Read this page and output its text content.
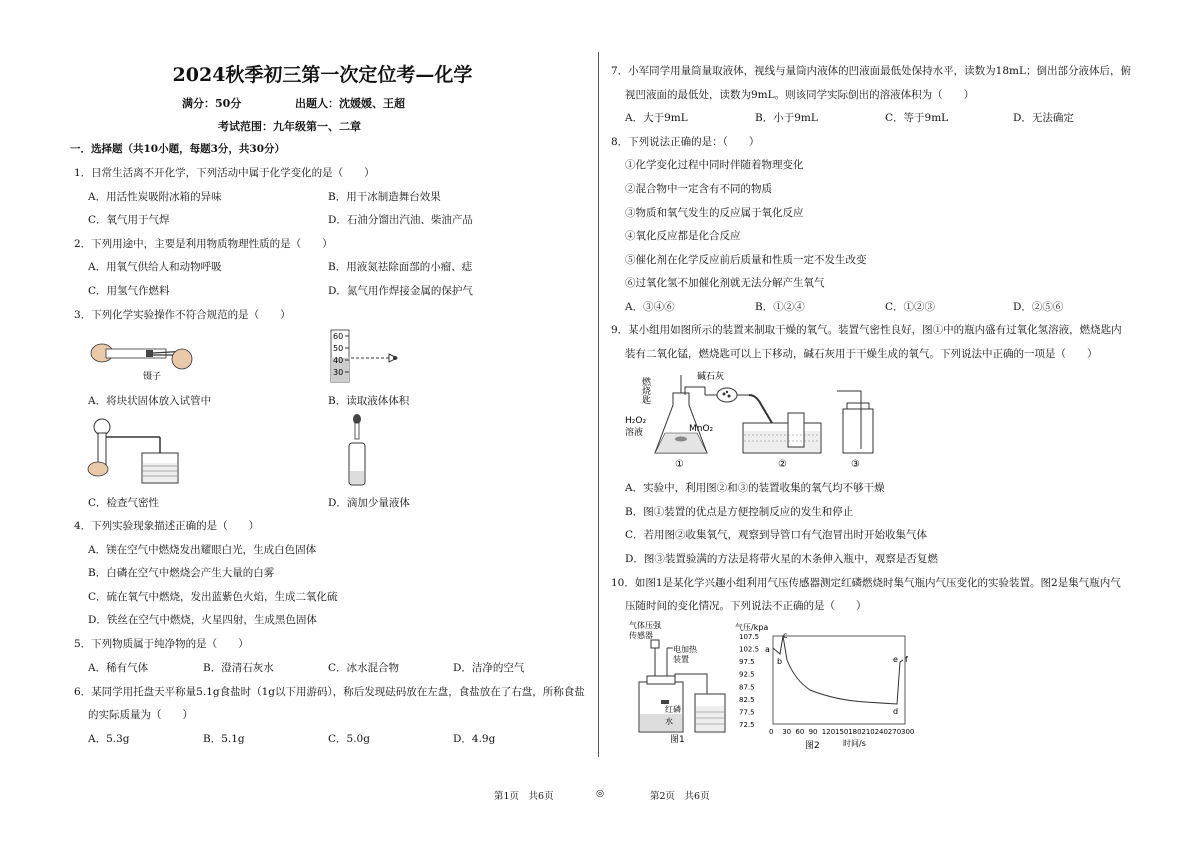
2024秋季初三第一次定位考—化学
满分：50分	出题人：沈媛媛、王超
考试范围：九年级第一、二章
一．选择题（共10小题，每题3分，共30分）
1．日常生活离不开化学，下列活动中属于化学变化的是（　　）
A．用活性炭吸附冰箱的异味	B．用干冰制造舞台效果
C．氧气用于气焊	D．石油分馏出汽油、柴油产品
2．下列用途中，主要是利用物质物理性质的是（　　）
A．用氧气供给人和动物呼吸	B．用液氮祛除面部的小瘤、痣
C．用氢气作燃料	D．氮气用作焊接金属的保护气
3．下列化学实验操作不符合规范的是（　　）
镊子
60
50
40
30
A．将块状固体放入试管中	B．读取液体体积
C．检查气密性	D．滴加少量液体
4．下列实验现象描述正确的是（　　）
A．镁在空气中燃烧发出耀眼白光，生成白色固体
B．白磷在空气中燃烧会产生大量的白雾
C．硫在氧气中燃烧，发出蓝紫色火焰，生成二氧化硫
D．铁丝在空气中燃烧，火星四射，生成黑色固体
5．下列物质属于纯净物的是（　　）
A．稀有气体	B．澄清石灰水	C．冰水混合物	D．洁净的空气
6．某同学用托盘天平称量5.1g食盐时（1g以下用游码），称后发现砝码放在左盘，食盐放在了右盘，所称食盐
的实际质量为（　　）
A．5.3g	B．5.1g	C．5.0g	D．4.9g
7．小军同学用量筒量取液体，视线与量筒内液体的凹液面最低处保持水平，读数为18mL；倒出部分液体后，俯
视凹液面的最低处，读数为9mL。则该同学实际倒出的溶液体积为（　　）
A．大于9mL	B．小于9mL	C．等于9mL	D．无法确定
8．下列说法正确的是：（　　）
①化学变化过程中同时伴随着物理变化
②混合物中一定含有不同的物质
③物质和氧气发生的反应属于氧化反应
④氧化反应都是化合反应
⑤催化剂在化学反应前后质量和性质一定不发生改变
⑥过氧化氢不加催化剂就无法分解产生氧气
A．③④⑥	B．①②④	C．①②③	D．②⑤⑥
9．某小组用如图所示的装置来制取干燥的氧气。装置气密性良好，图①中的瓶内盛有过氧化氢溶液，燃烧匙内
装有二氧化锰，燃烧匙可以上下移动，碱石灰用于干燥生成的氧气。下列说法中正确的一项是（　　）
燃烧匙
H₂O₂
溶液	MnO₂
①
碱石灰
②	③
A．实验中，利用图②和③的装置收集的氧气均不够干燥
B．图①装置的优点是方便控制反应的发生和停止
C．若用图②收集氧气，观察到导管口有气泡冒出时开始收集气体
D．图③装置验满的方法是将带火星的木条伸入瓶中，观察是否复燃
10．如图1是某化学兴趣小组利用气压传感器测定红磷燃烧时集气瓶内气压变化的实验装置。图2是集气瓶内气
压随时间的变化情况。下列说法不正确的是（　　）
气体压强
传感器
电加热
装置
红磷
水
图1
气压/kpa
107.5
102.5
97.5
92.5
87.5
82.5
77.5
72.5
0 30 60 90 120 150 180 210 240 270 300
a
b
c
d
e f
时间/s
图2
第1页　共6页	◎	第2页　共6页
